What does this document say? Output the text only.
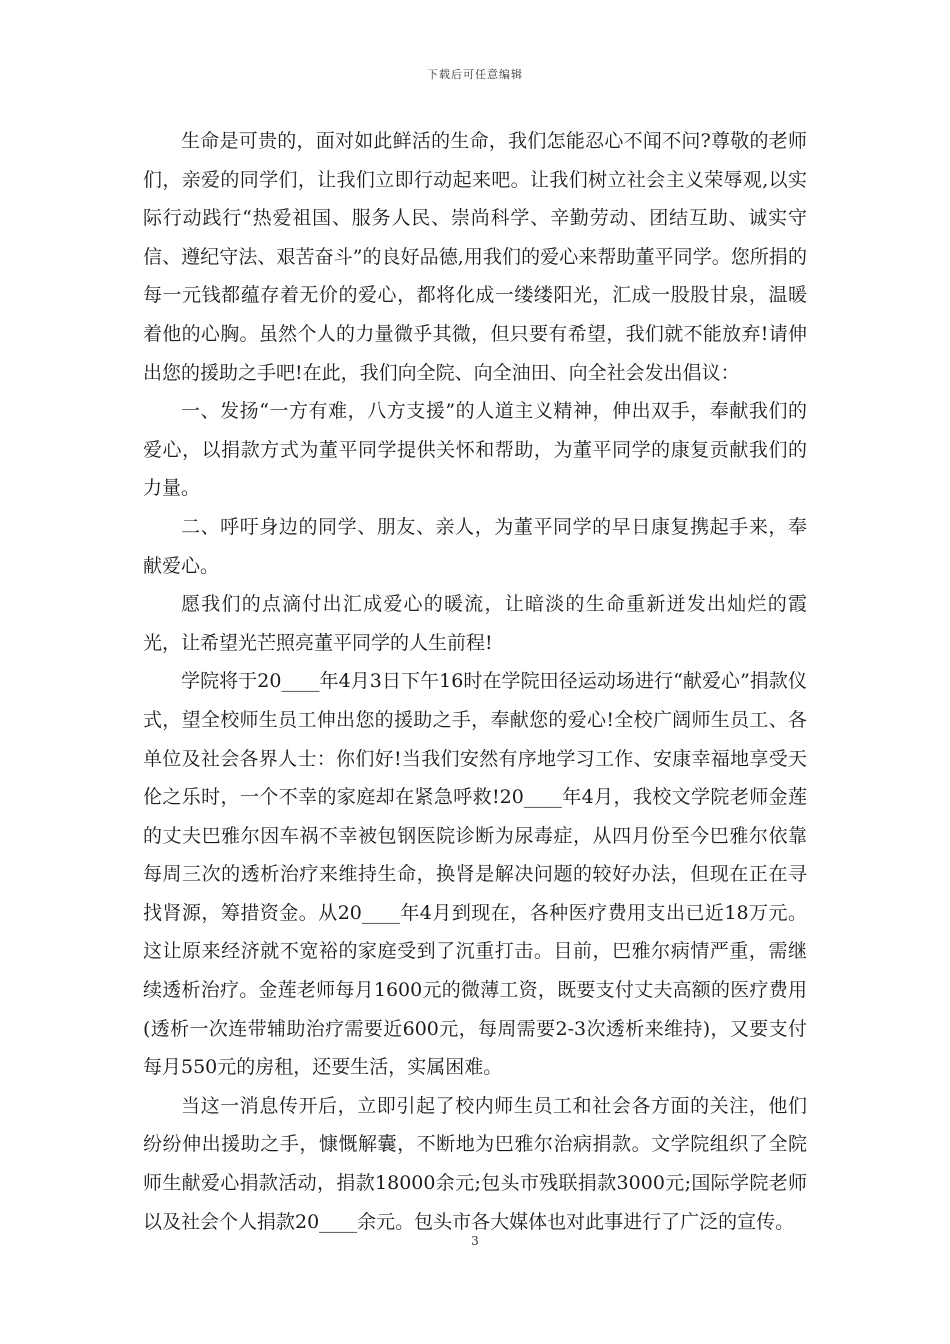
下载后可任意编辑

生命是可贵的，面对如此鲜活的生命，我们怎能忍心不闻不问?尊敬的老师们，亲爱的同学们，让我们立即行动起来吧。让我们树立社会主义荣辱观,以实际行动践行“热爱祖国、服务人民、崇尚科学、辛勤劳动、团结互助、诚实守信、遵纪守法、艰苦奋斗”的良好品德,用我们的爱心来帮助董平同学。您所捐的每一元钱都蕴存着无价的爱心，都将化成一缕缕阳光，汇成一股股甘泉，温暖着他的心胸。虽然个人的力量微乎其微，但只要有希望，我们就不能放弃!请伸出您的援助之手吧!在此，我们向全院、向全油田、向全社会发出倡议：

一、发扬“一方有难，八方支援”的人道主义精神，伸出双手，奉献我们的爱心，以捐款方式为董平同学提供关怀和帮助，为董平同学的康复贡献我们的力量。

二、呼吁身边的同学、朋友、亲人，为董平同学的早日康复携起手来，奉献爱心。

愿我们的点滴付出汇成爱心的暖流，让暗淡的生命重新迸发出灿烂的霞光，让希望光芒照亮董平同学的人生前程!

学院将于20____年4月3日下午16时在学院田径运动场进行“献爱心”捐款仪式，望全校师生员工伸出您的援助之手，奉献您的爱心!全校广阔师生员工、各单位及社会各界人士：你们好!当我们安然有序地学习工作、安康幸福地享受天伦之乐时，一个不幸的家庭却在紧急呼救!20____年4月，我校文学院老师金莲的丈夫巴雅尔因车祸不幸被包钢医院诊断为尿毒症，从四月份至今巴雅尔依靠每周三次的透析治疗来维持生命，换肾是解决问题的较好办法，但现在正在寻找肾源，筹措资金。从20____年4月到现在，各种医疗费用支出已近18万元。这让原来经济就不宽裕的家庭受到了沉重打击。目前，巴雅尔病情严重，需继续透析治疗。金莲老师每月1600元的微薄工资，既要支付丈夫高额的医疗费用(透析一次连带辅助治疗需要近600元，每周需要2-3次透析来维持)，又要支付每月550元的房租，还要生活，实属困难。

当这一消息传开后，立即引起了校内师生员工和社会各方面的关注，他们纷纷伸出援助之手，慷慨解囊，不断地为巴雅尔治病捐款。文学院组织了全院师生献爱心捐款活动，捐款18000余元;包头市残联捐款3000元;国际学院老师以及社会个人捐款20____余元。包头市各大媒体也对此事进行了广泛的宣传。

3
